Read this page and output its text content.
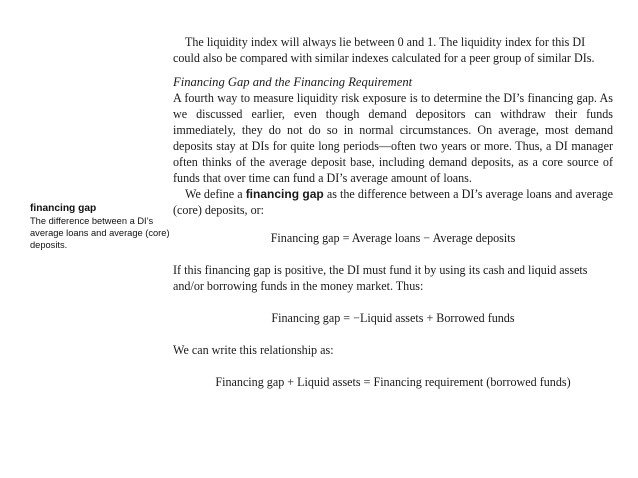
financing gap
The difference between a DI’s average loans and average (core) deposits.

The liquidity index will always lie between 0 and 1. The liquidity index for this DI could also be compared with similar indexes calculated for a peer group of similar DIs.

Financing Gap and the Financing Requirement

A fourth way to measure liquidity risk exposure is to determine the DI’s financing gap. As we discussed earlier, even though demand depositors can withdraw their funds immediately, they do not do so in normal circumstances. On average, most demand deposits stay at DIs for quite long periods—often two years or more. Thus, a DI manager often thinks of the average deposit base, including demand deposits, as a core source of funds that over time can fund a DI’s average amount of loans.

We define a financing gap as the difference between a DI’s average loans and average (core) deposits, or:

Financing gap = Average loans − Average deposits

If this financing gap is positive, the DI must fund it by using its cash and liquid assets and/or borrowing funds in the money market. Thus:

Financing gap = −Liquid assets + Borrowed funds

We can write this relationship as:

Financing gap + Liquid assets = Financing requirement (borrowed funds)
